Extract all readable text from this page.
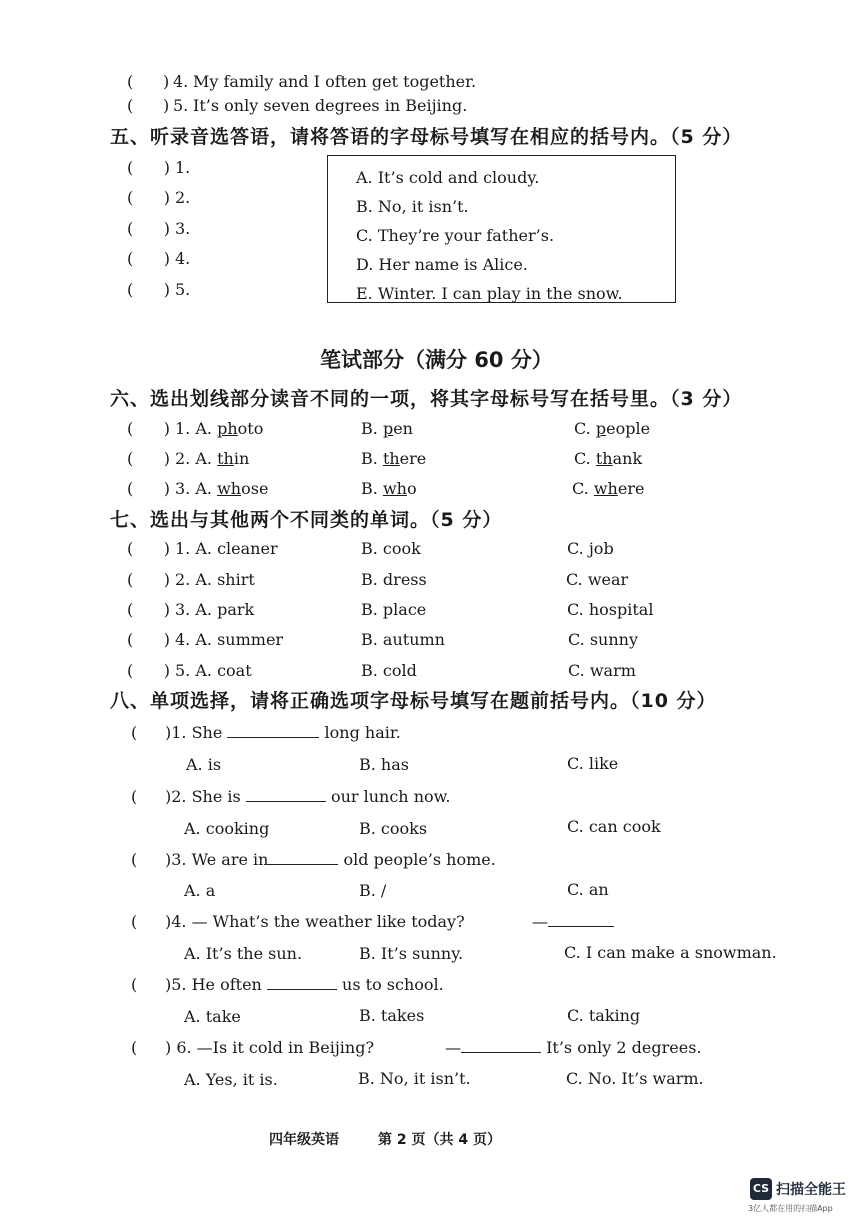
( ) 4. My family and I often get together.
( ) 5. It’s only seven degrees in Beijing.
五、听录音选答语，请将答语的字母标号填写在相应的括号内。（5 分）
(      ) 1.
(      ) 2.
(      ) 3.
(      ) 4.
(      ) 5.
A. It’s cold and cloudy.
B. No, it isn’t.
C. They’re your father’s.
D. Her name is Alice.
E. Winter. I can play in the snow.
笔试部分（满分 60 分）
六、选出划线部分读音不同的一项，将其字母标号写在括号里。（3 分）
(      ) 1. A. photo	B. pen	C. people
(      ) 2. A. thin	B. there	C. thank
(      ) 3. A. whose	B. who	C. where
七、选出与其他两个不同类的单词。（5 分）
(      ) 1. A. cleaner	B. cook	C. job
(      ) 2. A. shirt	B. dress	C. wear
(      ) 3. A. park	B. place	C. hospital
(      ) 4. A. summer	B. autumn	C. sunny
(      ) 5. A. coat	B. cold	C. warm
八、单项选择，请将正确选项字母标号填写在题前括号内。（10 分）
( )1. She	long hair.
A. is	B. has	C. like
( )2. She is	our lunch now.
A. cooking	B. cooks	C. can cook
( )3. We are in	old people’s home.
A. a	B. /	C. an
( )4. — What’s the weather like today?	—
A. It’s the sun.	B. It’s sunny.	C. I can make a snowman.
( )5. He often	us to school.
A. take	B. takes	C. taking
( ) 6. —Is it cold in Beijing?	—	It’s only 2 degrees.
A. Yes, it is.	B. No, it isn’t.	C. No. It’s warm.
四年级英语	第 2 页（共 4 页）
CS 扫描全能王
3亿人都在用的扫描App
